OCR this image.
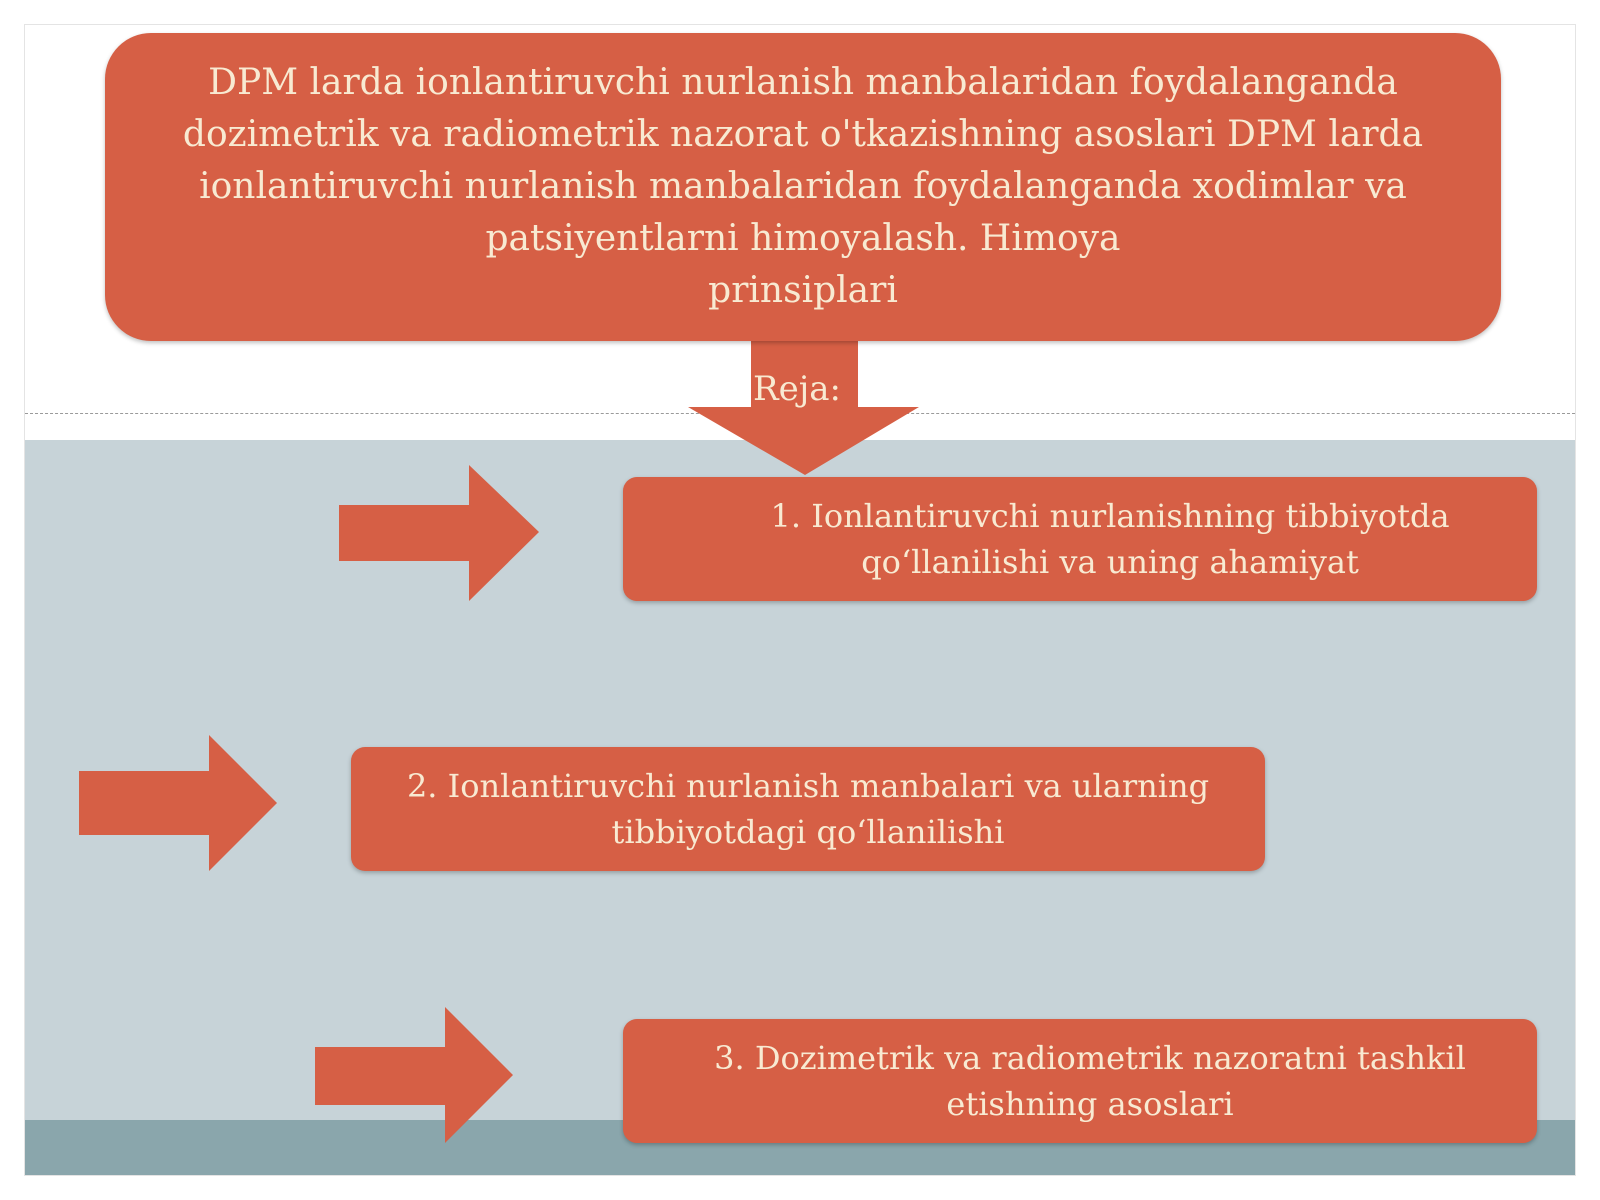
DPM larda ionlantiruvchi nurlanish manbalaridan foydalanganda dozimetrik va radiometrik nazorat o'tkazishning asoslari DPM larda ionlantiruvchi nurlanish manbalaridan foydalanganda xodimlar va patsiyentlarni himoyalash. Himoya
prinsiplari
Reja:
1. Ionlantiruvchi nurlanishning tibbiyotda qo‘llanilishi va uning ahamiyat
2. Ionlantiruvchi nurlanish manbalari va ularning tibbiyotdagi qo‘llanilishi
3. Dozimetrik va radiometrik nazoratni tashkil etishning asoslari
